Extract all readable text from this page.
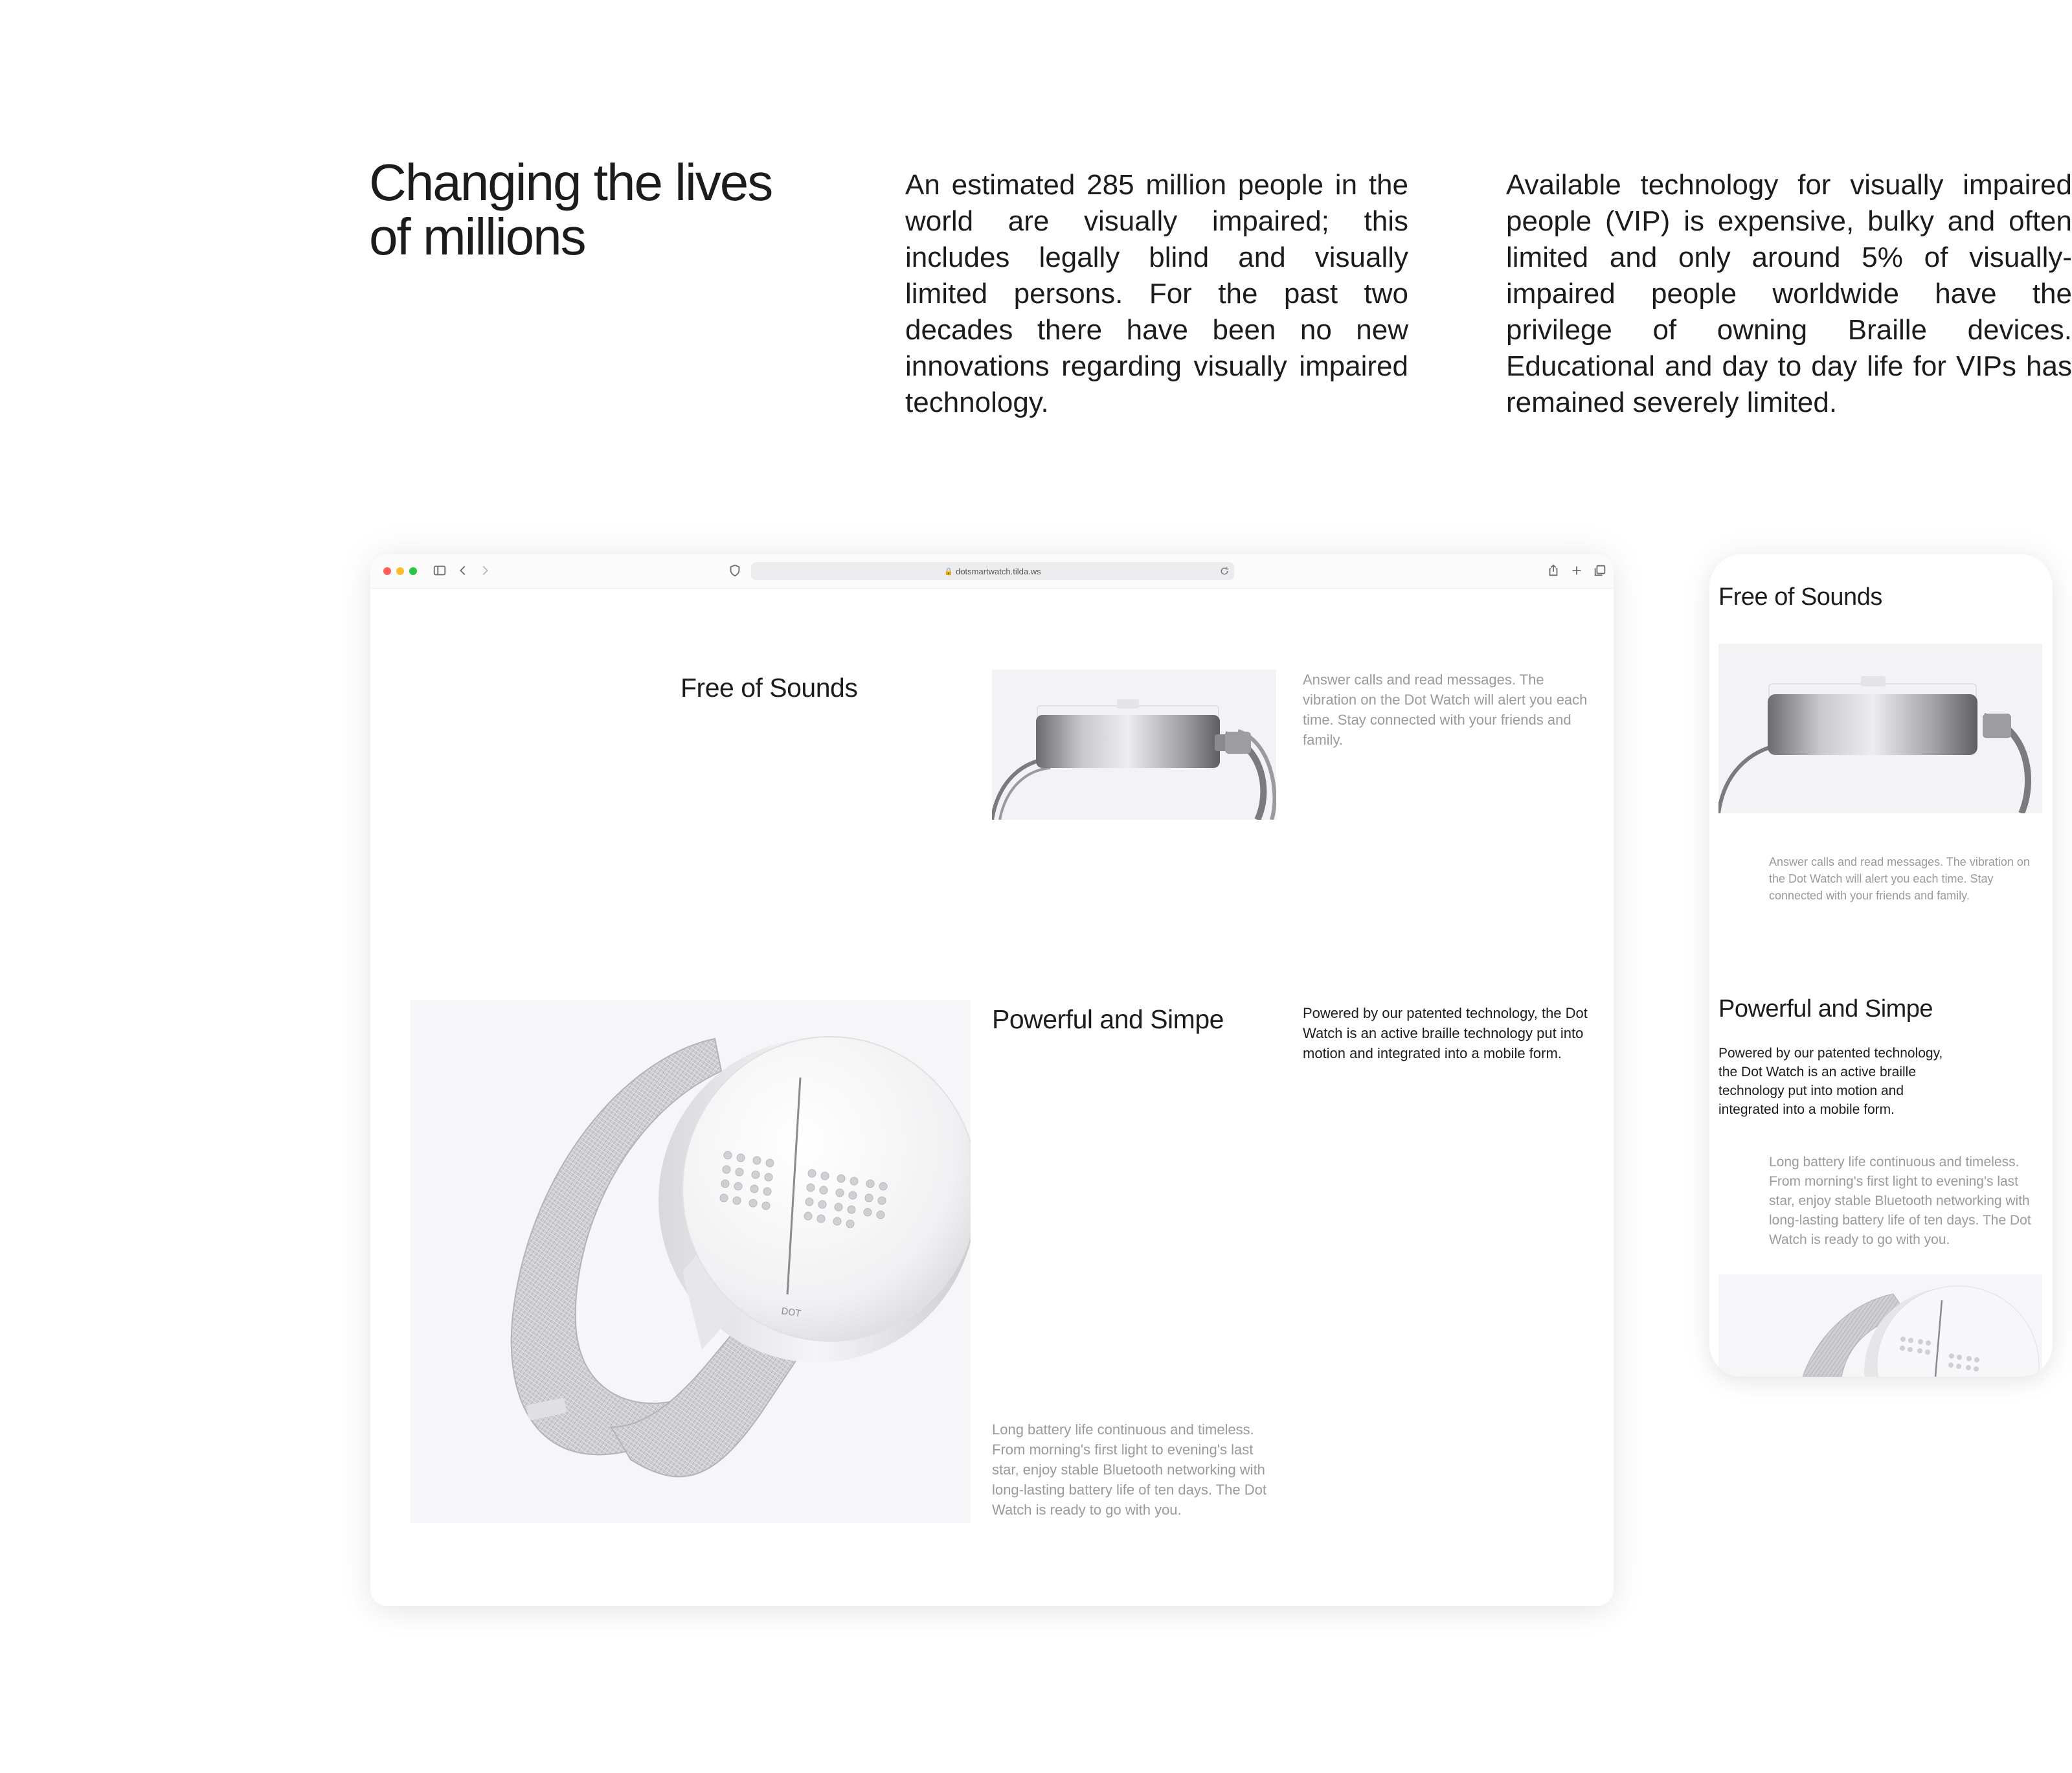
Changing the lives of millions

An estimated 285 million people in the world are visually impaired; this includes legally blind and visually limited persons. For the past two decades there have been no new innovations regarding visually impaired technology.

Available technology for visually impaired people (VIP) is expensive, bulky and often limited and only around 5% of visually-impaired people worldwide have the privilege of owning Braille devices. Educational and day to day life for VIPs has remained severely limited.

🔒 dotsmartwatch.tilda.ws
Free of Sounds	Answer calls and read messages. The vibration on the Dot Watch will alert you each time. Stay connected with your friends and family.

DOT
Powerful and Simpe	Powered by our patented technology, the Dot Watch is an active braille technology put into motion and integrated into a mobile form.

Long battery life continuous and timeless. From morning's first light to evening's last star, enjoy stable Bluetooth networking with long-lasting battery life of ten days. The Dot Watch is ready to go with you.

Free of Sounds

Answer calls and read messages. The vibration on the Dot Watch will alert you each time. Stay connected with your friends and family.

Powerful and Simpe

Powered by our patented technology, the Dot Watch is an active braille technology put into motion and integrated into a mobile form.

Long battery life continuous and timeless. From morning's first light to evening's last star, enjoy stable Bluetooth networking with long-lasting battery life of ten days. The Dot Watch is ready to go with you.
